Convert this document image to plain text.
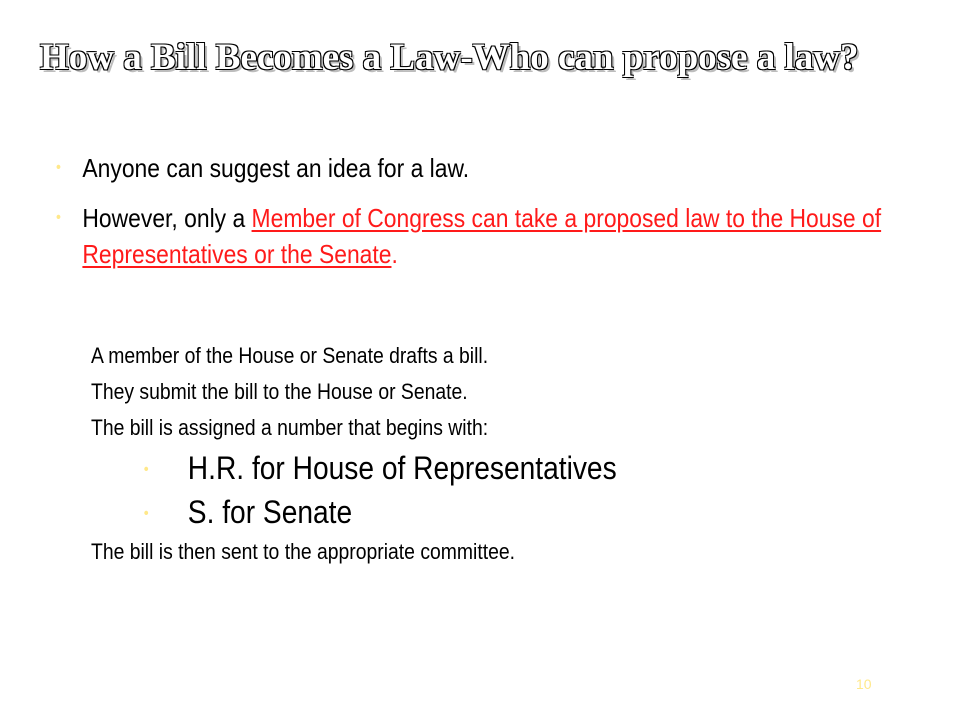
How a Bill Becomes a Law-Who can propose a law?
• Anyone can suggest an idea for a law.
• However, only a Member of Congress can take a proposed law to the House of Representatives or the Senate.
A member of the House or Senate drafts a bill.
They submit the bill to the House or Senate.
The bill is assigned a number that begins with:
• H.R. for House of Representatives
• S. for Senate
The bill is then sent to the appropriate committee.
10
